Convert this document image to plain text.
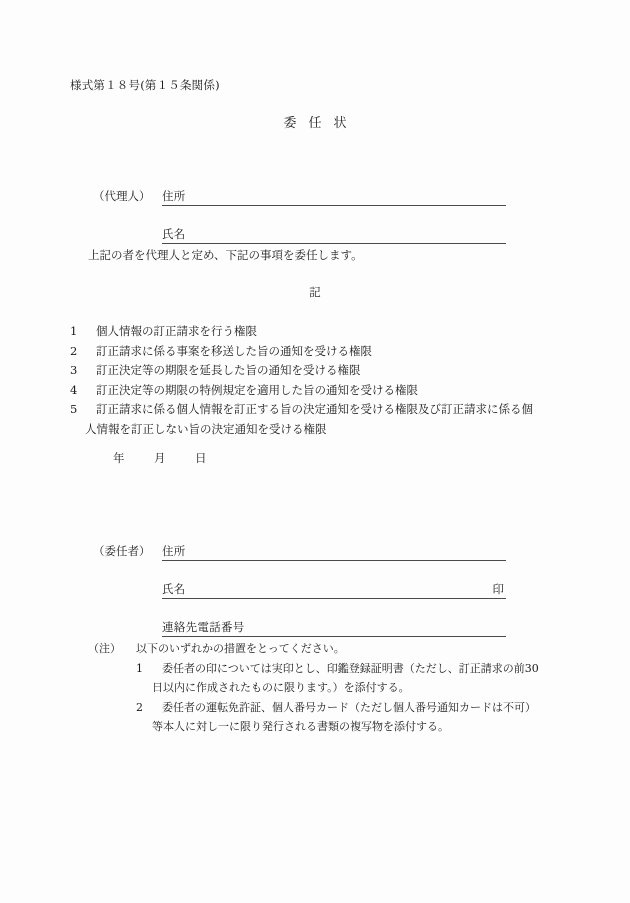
様式第１８号(第１５条関係)
委任状
（代理人）	住所
氏名
上記の者を代理人と定め、下記の事項を委任します。
記
1	個人情報の訂正請求を行う権限
2	訂正請求に係る事案を移送した旨の通知を受ける権限
3	訂正決定等の期限を延長した旨の通知を受ける権限
4	訂正決定等の期限の特例規定を適用した旨の通知を受ける権限
5	訂正請求に係る個人情報を訂正する旨の決定通知を受ける権限及び訂正請求に係る個
人情報を訂正しない旨の決定通知を受ける権限
年　月　日
（委任者）	住所
氏名	印
連絡先電話番号
（注）	以下のいずれかの措置をとってください。
1	委任者の印については実印とし、印鑑登録証明書（ただし、訂正請求の前30
日以内に作成されたものに限ります。）を添付する。
2	委任者の運転免許証、個人番号カード（ただし個人番号通知カードは不可）
等本人に対し一に限り発行される書類の複写物を添付する。
